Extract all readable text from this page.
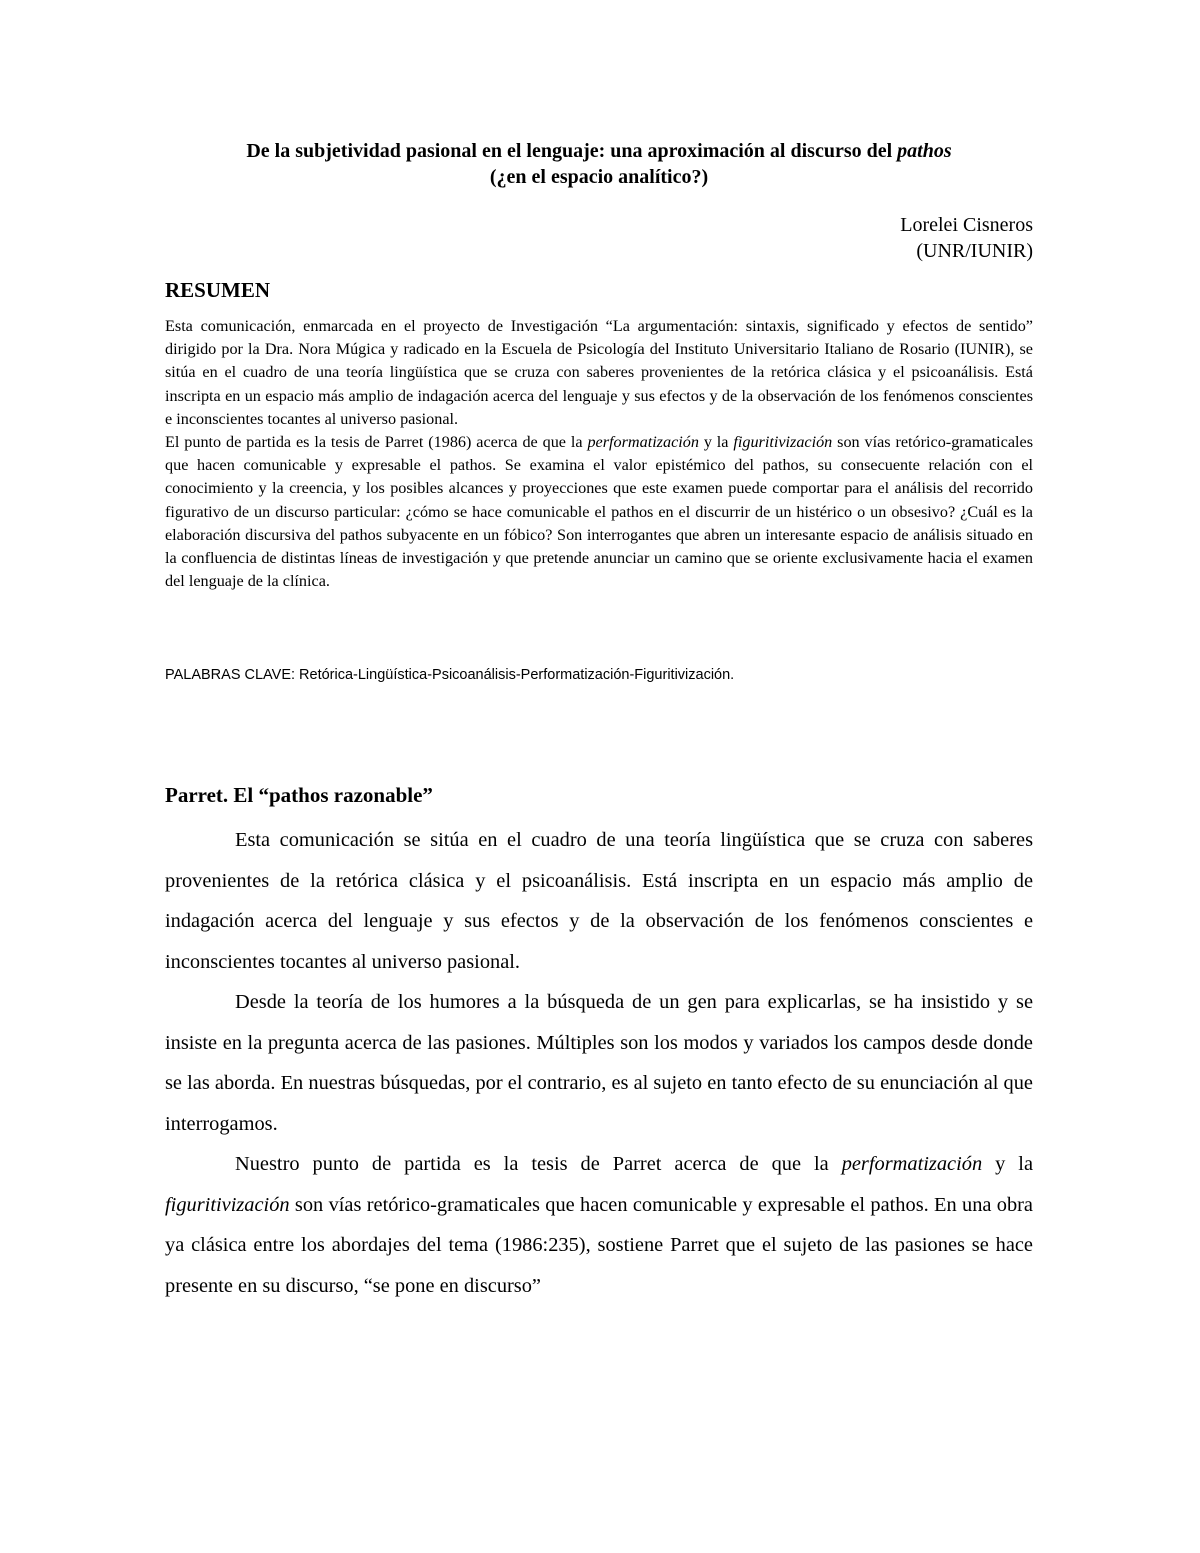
De la subjetividad pasional en el lenguaje: una aproximación al discurso del pathos
(¿en el espacio analítico?)
Lorelei Cisneros
(UNR/IUNIR)
RESUMEN

Esta comunicación, enmarcada en el proyecto de Investigación “La argumentación: sintaxis, significado y efectos de sentido” dirigido por la Dra. Nora Múgica y radicado en la Escuela de Psicología del Instituto Universitario Italiano de Rosario (IUNIR), se sitúa en el cuadro de una teoría lingüística que se cruza con saberes provenientes de la retórica clásica y el psicoanálisis. Está inscripta en un espacio más amplio de indagación acerca del lenguaje y sus efectos y de la observación de los fenómenos conscientes e inconscientes tocantes al universo pasional.

El punto de partida es la tesis de Parret (1986) acerca de que la performatización y la figuritivización son vías retórico-gramaticales que hacen comunicable y expresable el pathos. Se examina el valor epistémico del pathos, su consecuente relación con el conocimiento y la creencia, y los posibles alcances y proyecciones que este examen puede comportar para el análisis del recorrido figurativo de un discurso particular: ¿cómo se hace comunicable el pathos en el discurrir de un histérico o un obsesivo? ¿Cuál es la elaboración discursiva del pathos subyacente en un fóbico? Son interrogantes que abren un interesante espacio de análisis situado en la confluencia de distintas líneas de investigación y que pretende anunciar un camino que se oriente exclusivamente hacia el examen del lenguaje de la clínica.

PALABRAS CLAVE: Retórica-Lingüística-Psicoanálisis-Performatización-Figuritivización.
Parret. El “pathos razonable”

Esta comunicación se sitúa en el cuadro de una teoría lingüística que se cruza con saberes provenientes de la retórica clásica y el psicoanálisis. Está inscripta en un espacio más amplio de indagación acerca del lenguaje y sus efectos y de la observación de los fenómenos conscientes e inconscientes tocantes al universo pasional.

Desde la teoría de los humores a la búsqueda de un gen para explicarlas, se ha insistido y se insiste en la pregunta acerca de las pasiones. Múltiples son los modos y variados los campos desde donde se las aborda. En nuestras búsquedas, por el contrario, es al sujeto en tanto efecto de su enunciación al que interrogamos.

Nuestro punto de partida es la tesis de Parret acerca de que la performatización y la figuritivización son vías retórico-gramaticales que hacen comunicable y expresable el pathos. En una obra ya clásica entre los abordajes del tema (1986:235), sostiene Parret que el sujeto de las pasiones se hace presente en su discurso, “se pone en discurso”
